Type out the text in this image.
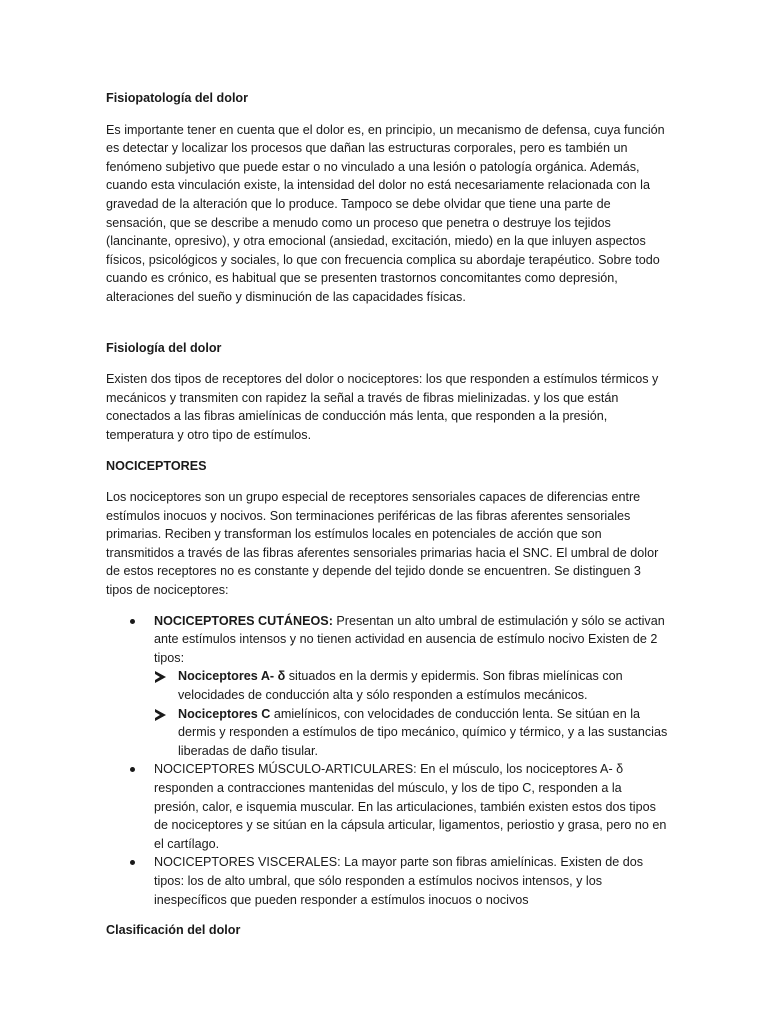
Fisiopatología del dolor

Es importante tener en cuenta que el dolor es, en principio, un mecanismo de defensa, cuya función es detectar y localizar los procesos que dañan las estructuras corporales, pero es también un fenómeno subjetivo que puede estar o no vinculado a una lesión o patología orgánica. Además, cuando esta vinculación existe, la intensidad del dolor no está necesariamente relacionada con la gravedad de la alteración que lo produce. Tampoco se debe olvidar que tiene una parte de sensación, que se describe a menudo como un proceso que penetra o destruye los tejidos (lancinante, opresivo), y otra emocional (ansiedad, excitación, miedo) en la que inluyen aspectos físicos, psicológicos y sociales, lo que con frecuencia complica su abordaje terapéutico. Sobre todo cuando es crónico, es habitual que se presenten trastornos concomitantes como depresión, alteraciones del sueño y disminución de las capacidades físicas.

Fisiología del dolor

Existen dos tipos de receptores del dolor o nociceptores: los que responden a estímulos térmicos y mecánicos y transmiten con rapidez la señal a través de fibras mielinizadas. y los que están conectados a las fibras amielínicas de conducción más lenta, que responden a la presión, temperatura y otro tipo de estímulos.

NOCICEPTORES

Los nociceptores son un grupo especial de receptores sensoriales capaces de diferencias entre estímulos inocuos y nocivos. Son terminaciones periféricas de las fibras aferentes sensoriales primarias. Reciben y transforman los estímulos locales en potenciales de acción que son transmitidos a través de las fibras aferentes sensoriales primarias hacia el SNC. El umbral de dolor de estos receptores no es constante y depende del tejido donde se encuentren. Se distinguen 3 tipos de nociceptores:

NOCICEPTORES CUTÁNEOS: Presentan un alto umbral de estimulación y sólo se activan ante estímulos intensos y no tienen actividad en ausencia de estímulo nocivo Existen de 2 tipos:
Nociceptores A- δ situados en la dermis y epidermis. Son fibras mielínicas con velocidades de conducción alta y sólo responden a estímulos mecánicos.
Nociceptores C amielínicos, con velocidades de conducción lenta. Se sitúan en la dermis y responden a estímulos de tipo mecánico, químico y térmico, y a las sustancias liberadas de daño tisular.
NOCICEPTORES MÚSCULO-ARTICULARES: En el músculo, los nociceptores A- δ responden a contracciones mantenidas del músculo, y los de tipo C, responden a la presión, calor, e isquemia muscular. En las articulaciones, también existen estos dos tipos de nociceptores y se sitúan en la cápsula articular, ligamentos, periostio y grasa, pero no en el cartílago.
NOCICEPTORES VISCERALES: La mayor parte son fibras amielínicas. Existen de dos tipos: los de alto umbral, que sólo responden a estímulos nocivos intensos, y los inespecíficos que pueden responder a estímulos inocuos o nocivos
Clasificación del dolor
